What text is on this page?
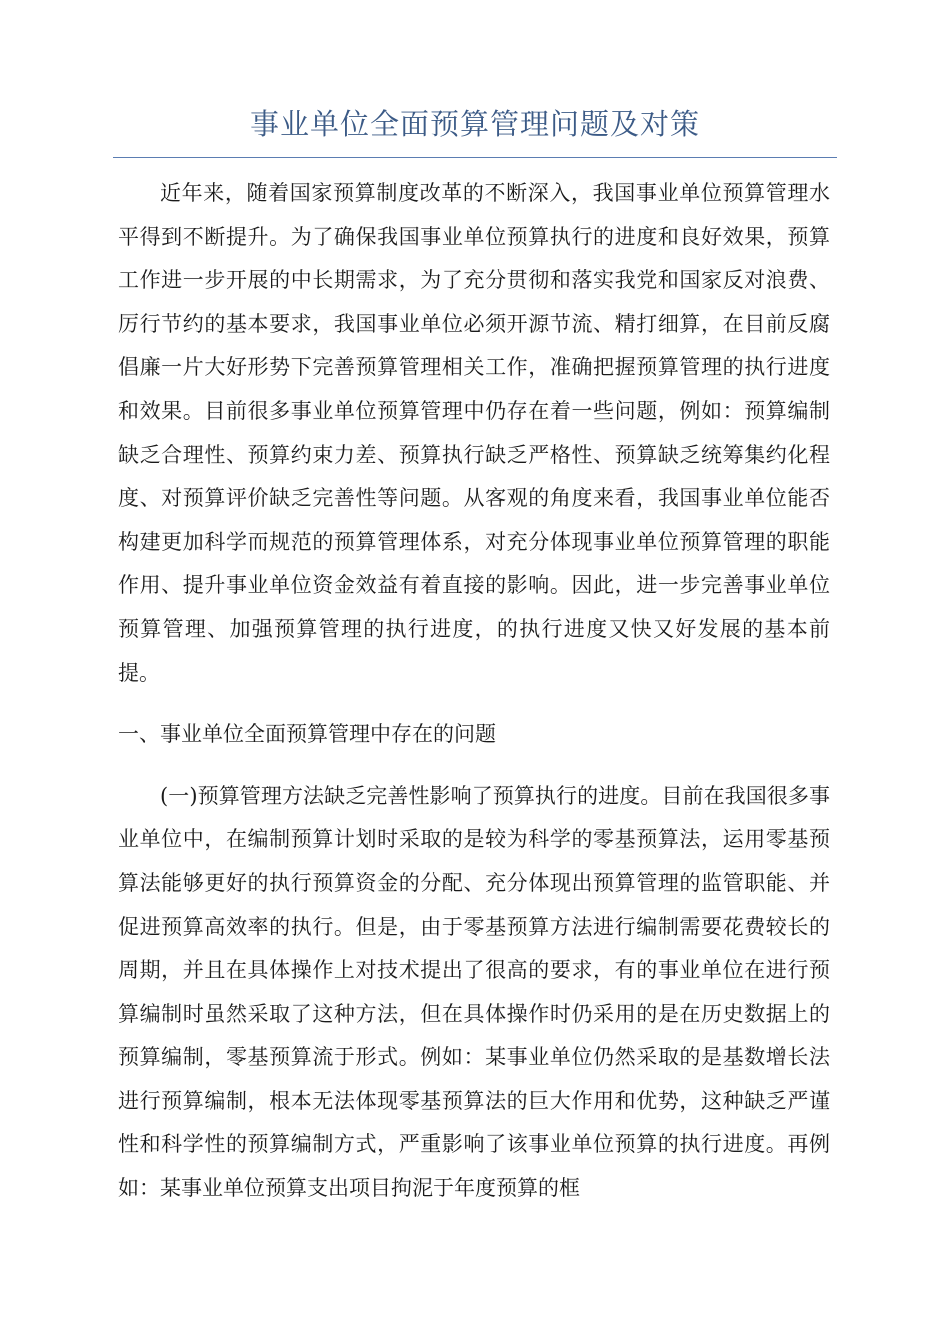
事业单位全面预算管理问题及对策

近年来，随着国家预算制度改革的不断深入，我国事业单位预算管理水平得到不断提升。为了确保我国事业单位预算执行的进度和良好效果，预算工作进一步开展的中长期需求，为了充分贯彻和落实我党和国家反对浪费、厉行节约的基本要求，我国事业单位必须开源节流、精打细算，在目前反腐倡廉一片大好形势下完善预算管理相关工作，准确把握预算管理的执行进度和效果。目前很多事业单位预算管理中仍存在着一些问题，例如：预算编制缺乏合理性、预算约束力差、预算执行缺乏严格性、预算缺乏统筹集约化程度、对预算评价缺乏完善性等问题。从客观的角度来看，我国事业单位能否构建更加科学而规范的预算管理体系，对充分体现事业单位预算管理的职能作用、提升事业单位资金效益有着直接的影响。因此，进一步完善事业单位预算管理、加强预算管理的执行进度，的执行进度又快又好发展的基本前提。

一、事业单位全面预算管理中存在的问题

(一)预算管理方法缺乏完善性影响了预算执行的进度。目前在我国很多事业单位中，在编制预算计划时采取的是较为科学的零基预算法，运用零基预算法能够更好的执行预算资金的分配、充分体现出预算管理的监管职能、并促进预算高效率的执行。但是，由于零基预算方法进行编制需要花费较长的周期，并且在具体操作上对技术提出了很高的要求，有的事业单位在进行预算编制时虽然采取了这种方法，但在具体操作时仍采用的是在历史数据上的预算编制，零基预算流于形式。例如：某事业单位仍然采取的是基数增长法进行预算编制，根本无法体现零基预算法的巨大作用和优势，这种缺乏严谨性和科学性的预算编制方式，严重影响了该事业单位预算的执行进度。再例如：某事业单位预算支出项目拘泥于年度预算的框
